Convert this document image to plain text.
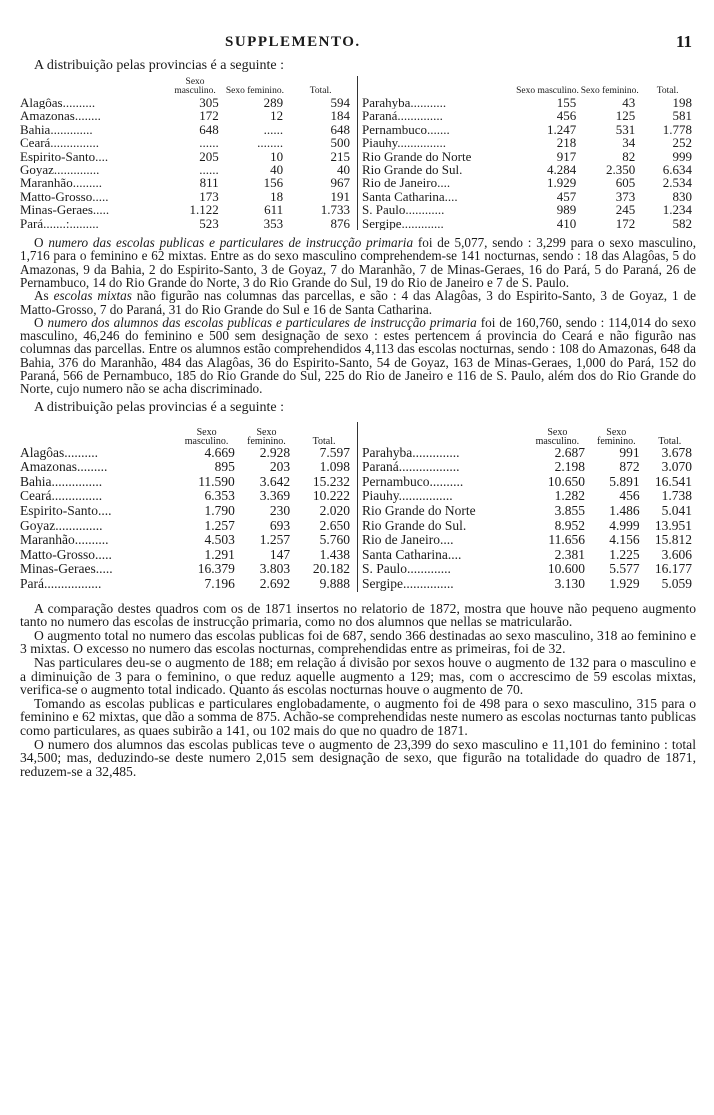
SUPPLEMENTO.	11
A distribuição pelas provincias é a seguinte :
	Sexo masculino.	Sexo feminino.	Total.
Alagôas..........	305	289	594
Amazonas........	172	12	184
Bahia.............	648	......	648
Ceará...............	......	........	500
Espirito-Santo....	205	10	215
Goyaz..............	......	40	40
Maranhão.........	811	156	967
Matto-Grosso.....	173	18	191
Minas-Geraes.....	1.122	611	1.733
Pará.......:.........	523	353	876
	Sexo masculino.	Sexo feminino.	Total.
Parahyba...........	155	43	198
Paraná..............	456	125	581
Pernambuco.......	1.247	531	1.778
Piauhy...............	218	34	252
Rio Grande do Norte	917	82	999
Rio Grande do Sul.	4.284	2.350	6.634
Rio de Janeiro....	1.929	605	2.534
Santa Catharina....	457	373	830
S. Paulo............	989	245	1.234
Sergipe.............	410	172	582

O numero das escolas publicas e particulares de instrucção primaria foi de 5,077, sendo : 3,299 para o sexo masculino, 1,716 para o feminino e 62 mixtas. Entre as do sexo masculino comprehendem-se 141 nocturnas, sendo : 18 das Alagôas, 5 do Amazonas, 9 da Bahia, 2 do Espirito-Santo, 3 de Goyaz, 7 do Maranhão, 7 de Minas-Geraes, 16 do Pará, 5 do Paraná, 26 de Pernambuco, 14 do Rio Grande do Norte, 3 do Rio Grande do Sul, 19 do Rio de Janeiro e 7 de S. Paulo.

As escolas mixtas não figurão nas columnas das parcellas, e são : 4 das Alagôas, 3 do Espirito-Santo, 3 de Goyaz, 1 de Matto-Grosso, 7 do Paraná, 31 do Rio Grande do Sul e 16 de Santa Catharina.

O numero dos alumnos das escolas publicas e particulares de instrucção primaria foi de 160,760, sendo : 114,014 do sexo masculino, 46,246 do feminino e 500 sem designação de sexo : estes pertencem á provincia do Ceará e não figurão nas columnas das parcellas. Entre os alumnos estão comprehendidos 4,113 das escolas nocturnas, sendo : 108 do Amazonas, 648 da Bahia, 376 do Maranhão, 484 das Alagôas, 36 do Espirito-Santo, 54 de Goyaz, 163 de Minas-Geraes, 1,000 do Pará, 152 do Paraná, 566 de Pernambuco, 185 do Rio Grande do Sul, 225 do Rio de Janeiro e 116 de S. Paulo, além dos do Rio Grande do Norte, cujo numero não se acha discriminado.

A distribuição pelas provincias é a seguinte :

	Sexo masculino.	Sexo feminino.	Total.
Alagôas..........	4.669	2.928	7.597
Amazonas.........	895	203	1.098
Bahia...............	11.590	3.642	15.232
Ceará...............	6.353	3.369	10.222
Espirito-Santo....	1.790	230	2.020
Goyaz..............	1.257	693	2.650
Maranhão..........	4.503	1.257	5.760
Matto-Grosso.....	1.291	147	1.438
Minas-Geraes.....	16.379	3.803	20.182
Pará.................	7.196	2.692	9.888
	Sexo masculino.	Sexo feminino.	Total.
Parahyba..............	2.687	991	3.678
Paraná..................	2.198	872	3.070
Pernambuco..........	10.650	5.891	16.541
Piauhy................	1.282	456	1.738
Rio Grande do Norte	3.855	1.486	5.041
Rio Grande do Sul.	8.952	4.999	13.951
Rio de Janeiro....	11.656	4.156	15.812
Santa Catharina....	2.381	1.225	3.606
S. Paulo.............	10.600	5.577	16.177
Sergipe...............	3.130	1.929	5.059

A comparação destes quadros com os de 1871 insertos no relatorio de 1872, mostra que houve não pequeno augmento tanto no numero das escolas de instrucção primaria, como no dos alumnos que nellas se matricularão.

O augmento total no numero das escolas publicas foi de 687, sendo 366 destinadas ao sexo masculino, 318 ao feminino e 3 mixtas. O excesso no numero das escolas nocturnas, comprehendidas entre as primeiras, foi de 32.

Nas particulares deu-se o augmento de 188; em relação á divisão por sexos houve o augmento de 132 para o masculino e a diminuição de 3 para o feminino, o que reduz aquelle augmento a 129; mas, com o accrescimo de 59 escolas mixtas, verifica-se o augmento total indicado. Quanto ás escolas nocturnas houve o augmento de 70.

Tomando as escolas publicas e particulares englobadamente, o augmento foi de 498 para o sexo masculino, 315 para o feminino e 62 mixtas, que dão a somma de 875. Achão-se comprehendidas neste numero as escolas nocturnas tanto publicas como particulares, as quaes subirão a 141, ou 102 mais do que no quadro de 1871.

O numero dos alumnos das escolas publicas teve o augmento de 23,399 do sexo masculino e 11,101 do feminino : total 34,500; mas, deduzindo-se deste numero 2,015 sem designação de sexo, que figurão na totalidade do quadro de 1871, reduzem-se a 32,485.
